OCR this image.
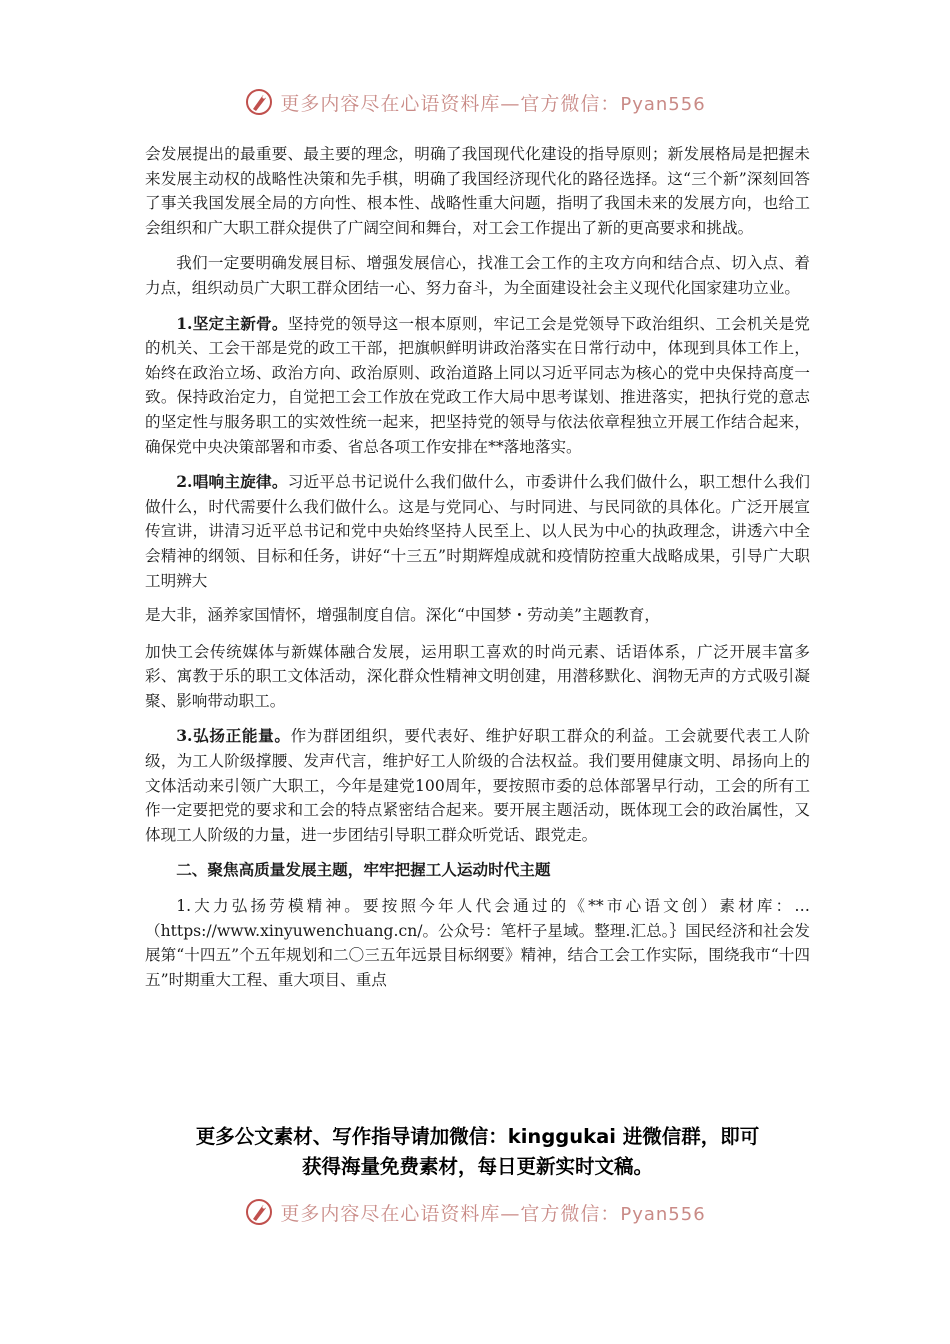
更多内容尽在心语资料库—官方微信：Pyan556

会发展提出的最重要、最主要的理念，明确了我国现代化建设的指导原则；新发展格局是把握未来发展主动权的战略性决策和先手棋，明确了我国经济现代化的路径选择。这“三个新”深刻回答了事关我国发展全局的方向性、根本性、战略性重大问题，指明了我国未来的发展方向，也给工会组织和广大职工群众提供了广阔空间和舞台，对工会工作提出了新的更高要求和挑战。

我们一定要明确发展目标、增强发展信心，找准工会工作的主攻方向和结合点、切入点、着力点，组织动员广大职工群众团结一心、努力奋斗，为全面建设社会主义现代化国家建功立业。

1.坚定主新骨。坚持党的领导这一根本原则，牢记工会是党领导下政治组织、工会机关是党的机关、工会干部是党的政工干部，把旗帜鲜明讲政治落实在日常行动中，体现到具体工作上，始终在政治立场、政治方向、政治原则、政治道路上同以习近平同志为核心的党中央保持高度一致。保持政治定力，自觉把工会工作放在党政工作大局中思考谋划、推进落实，把执行党的意志的坚定性与服务职工的实效性统一起来，把坚持党的领导与依法依章程独立开展工作结合起来，确保党中央决策部署和市委、省总各项工作安排在**落地落实。

2.唱响主旋律。习近平总书记说什么我们做什么，市委讲什么我们做什么，职工想什么我们做什么，时代需要什么我们做什么。这是与党同心、与时同进、与民同欲的具体化。广泛开展宣传宣讲，讲清习近平总书记和党中央始终坚持人民至上、以人民为中心的执政理念，讲透六中全会精神的纲领、目标和任务，讲好“十三五”时期辉煌成就和疫情防控重大战略成果，引导广大职工明辨大

是大非，涵养家国情怀，增强制度自信。深化“中国梦・劳动美”主题教育，

加快工会传统媒体与新媒体融合发展，运用职工喜欢的时尚元素、话语体系，广泛开展丰富多彩、寓教于乐的职工文体活动，深化群众性精神文明创建，用潜移默化、润物无声的方式吸引凝聚、影响带动职工。

3.弘扬正能量。作为群团组织，要代表好、维护好职工群众的利益。工会就要代表工人阶级，为工人阶级撑腰、发声代言，维护好工人阶级的合法权益。我们要用健康文明、昂扬向上的文体活动来引领广大职工，今年是建党100周年，要按照市委的总体部署早行动，工会的所有工作一定要把党的要求和工会的特点紧密结合起来。要开展主题活动，既体现工会的政治属性，又体现工人阶级的力量，进一步团结引导职工群众听党话、跟党走。

二、聚焦高质量发展主题，牢牢把握工人运动时代主题

1.大力弘扬劳模精神。要按照今年人代会通过的《**市心语文创）素材库：…（https://www.xinyuwenchuang.cn/。公众号：笔杆子星域。整理.汇总。｝国民经济和社会发展第“十四五”个五年规划和二〇三五年远景目标纲要》精神，结合工会工作实际，围绕我市“十四五”时期重大工程、重大项目、重点

更多公文素材、写作指导请加微信：kinggukai 进微信群，即可
获得海量免费素材，每日更新实时文稿。
更多内容尽在心语资料库—官方微信：Pyan556
